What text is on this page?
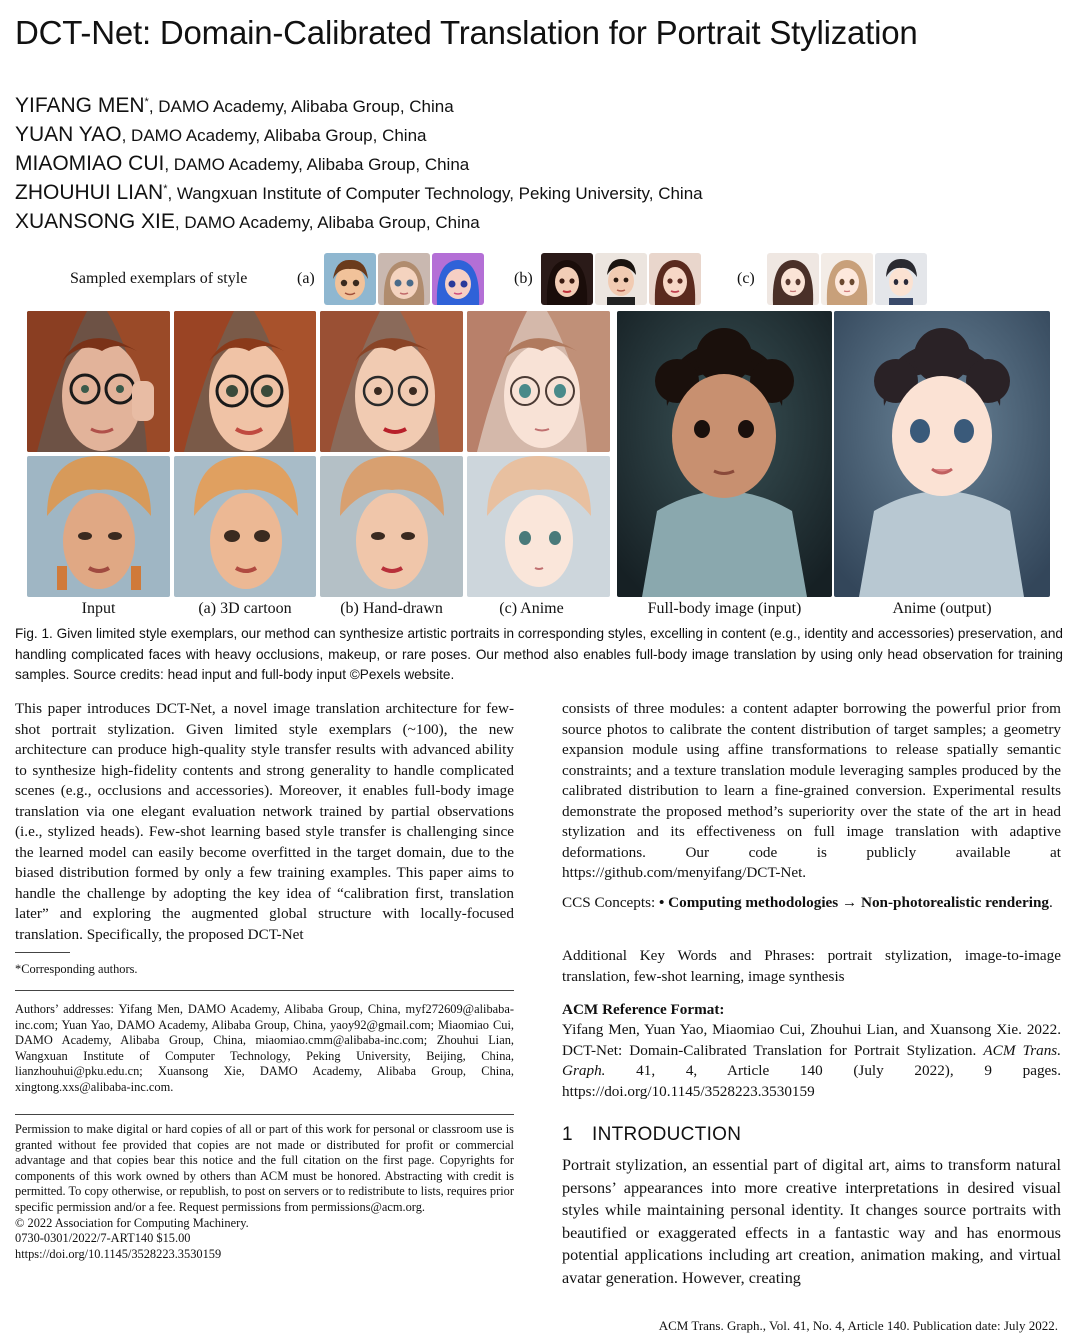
DCT-Net: Domain-Calibrated Translation for Portrait Stylization
YIFANG MEN*, DAMO Academy, Alibaba Group, China
YUAN YAO, DAMO Academy, Alibaba Group, China
MIAOMIAO CUI, DAMO Academy, Alibaba Group, China
ZHOUHUI LIAN*, Wangxuan Institute of Computer Technology, Peking University, China
XUANSONG XIE, DAMO Academy, Alibaba Group, China
Sampled exemplars of style	(a)	(b)	(c)
Input	(a) 3D cartoon	(b) Hand-drawn	(c) Anime	Full-body image (input)	Anime (output)
Fig. 1. Given limited style exemplars, our method can synthesize artistic portraits in corresponding styles, excelling in content (e.g., identity and accessories) preservation, and handling complicated faces with heavy occlusions, makeup, or rare poses. Our method also enables full-body image translation by using only head observation for training samples. Source credits: head input and full-body input ©Pexels website.
This paper introduces DCT-Net, a novel image translation architecture for few-shot portrait stylization. Given limited style exemplars (~100), the new architecture can produce high-quality style transfer results with advanced ability to synthesize high-fidelity contents and strong generality to handle complicated scenes (e.g., occlusions and accessories). Moreover, it enables full-body image translation via one elegant evaluation network trained by partial observations (i.e., stylized heads). Few-shot learning based style transfer is challenging since the learned model can easily become overfitted in the target domain, due to the biased distribution formed by only a few training examples. This paper aims to handle the challenge by adopting the key idea of “calibration first, translation later” and exploring the augmented global structure with locally-focused translation. Specifically, the proposed DCT-Net
*Corresponding authors.
Authors’ addresses: Yifang Men, DAMO Academy, Alibaba Group, China, myf272609@alibaba-inc.com; Yuan Yao, DAMO Academy, Alibaba Group, China, yaoy92@gmail.com; Miaomiao Cui, DAMO Academy, Alibaba Group, China, miaomiao.cmm@alibaba-inc.com; Zhouhui Lian, Wangxuan Institute of Computer Technology, Peking University, Beijing, China, lianzhouhui@pku.edu.cn; Xuansong Xie, DAMO Academy, Alibaba Group, China, xingtong.xxs@alibaba-inc.com.
Permission to make digital or hard copies of all or part of this work for personal or classroom use is granted without fee provided that copies are not made or distributed for profit or commercial advantage and that copies bear this notice and the full citation on the first page. Copyrights for components of this work owned by others than ACM must be honored. Abstracting with credit is permitted. To copy otherwise, or republish, to post on servers or to redistribute to lists, requires prior specific permission and/or a fee. Request permissions from permissions@acm.org.
© 2022 Association for Computing Machinery.
0730-0301/2022/7-ART140 $15.00
https://doi.org/10.1145/3528223.3530159
consists of three modules: a content adapter borrowing the powerful prior from source photos to calibrate the content distribution of target samples; a geometry expansion module using affine transformations to release spatially semantic constraints; and a texture translation module leveraging samples produced by the calibrated distribution to learn a fine-grained conversion. Experimental results demonstrate the proposed method’s superiority over the state of the art in head stylization and its effectiveness on full image translation with adaptive deformations. Our code is publicly available at https://github.com/menyifang/DCT-Net.
CCS Concepts: • Computing methodologies → Non-photorealistic rendering.
Additional Key Words and Phrases: portrait stylization, image-to-image translation, few-shot learning, image synthesis
ACM Reference Format:
Yifang Men, Yuan Yao, Miaomiao Cui, Zhouhui Lian, and Xuansong Xie. 2022. DCT-Net: Domain-Calibrated Translation for Portrait Stylization. ACM Trans. Graph. 41, 4, Article 140 (July 2022), 9 pages. https://doi.org/10.1145/3528223.3530159
1 INTRODUCTION
Portrait stylization, an essential part of digital art, aims to transform natural persons’ appearances into more creative interpretations in desired visual styles while maintaining personal identity. It changes source portraits with beautified or exaggerated effects in a fantastic way and has enormous potential applications including art creation, animation making, and virtual avatar generation. However, creating
ACM Trans. Graph., Vol. 41, No. 4, Article 140. Publication date: July 2022.
